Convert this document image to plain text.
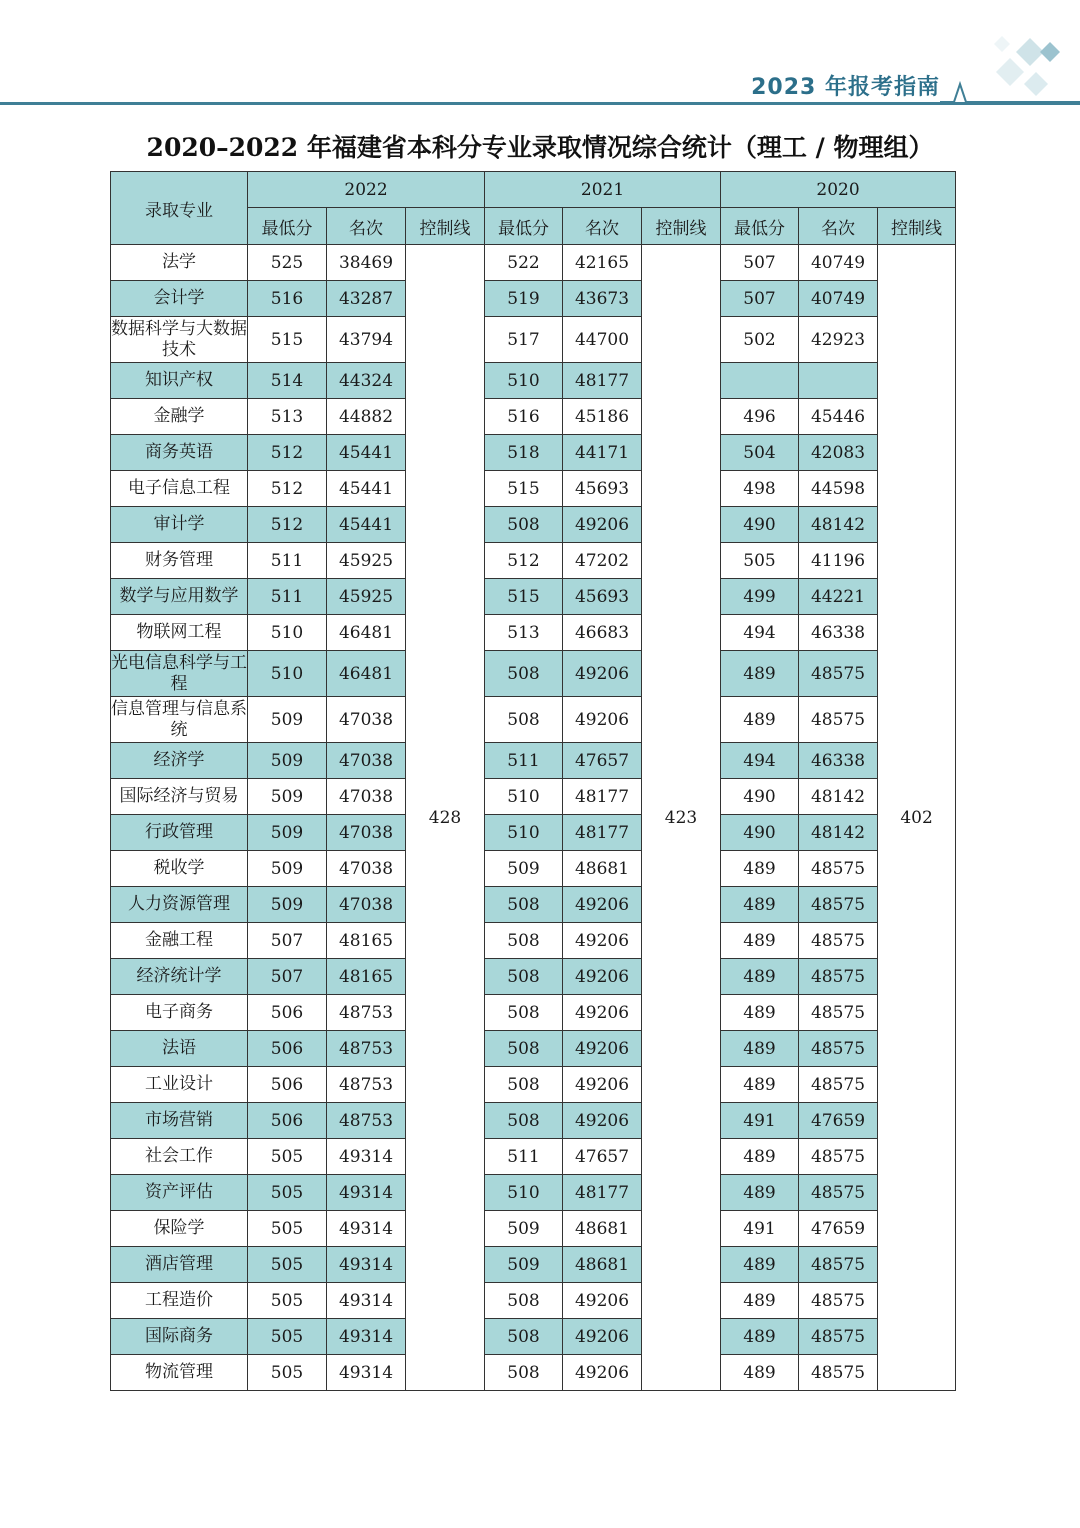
2023 年报考指南
2020–2022 年福建省本科分专业录取情况综合统计（理工 / 物理组）
录取专业	2022			2021			2020		
	最低分	名次	控制线	最低分	名次	控制线	最低分	名次	控制线
法学	525	38469	428	522	42165	423	507	40749	402
会计学	516	43287		519	43673		507	40749	
数据科学与大数据技术	515	43794		517	44700		502	42923	
知识产权	514	44324		510	48177				
金融学	513	44882		516	45186		496	45446	
商务英语	512	45441		518	44171		504	42083	
电子信息工程	512	45441		515	45693		498	44598	
审计学	512	45441		508	49206		490	48142	
财务管理	511	45925		512	47202		505	41196	
数学与应用数学	511	45925		515	45693		499	44221	
物联网工程	510	46481		513	46683		494	46338	
光电信息科学与工程	510	46481		508	49206		489	48575	
信息管理与信息系统	509	47038		508	49206		489	48575	
经济学	509	47038		511	47657		494	46338	
国际经济与贸易	509	47038		510	48177		490	48142	
行政管理	509	47038		510	48177		490	48142	
税收学	509	47038		509	48681		489	48575	
人力资源管理	509	47038		508	49206		489	48575	
金融工程	507	48165		508	49206		489	48575	
经济统计学	507	48165		508	49206		489	48575	
电子商务	506	48753		508	49206		489	48575	
法语	506	48753		508	49206		489	48575	
工业设计	506	48753		508	49206		489	48575	
市场营销	506	48753		508	49206		491	47659	
社会工作	505	49314		511	47657		489	48575	
资产评估	505	49314		510	48177		489	48575	
保险学	505	49314		509	48681		491	47659	
酒店管理	505	49314		509	48681		489	48575	
工程造价	505	49314		508	49206		489	48575	
国际商务	505	49314		508	49206		489	48575	
物流管理	505	49314		508	49206		489	48575	
